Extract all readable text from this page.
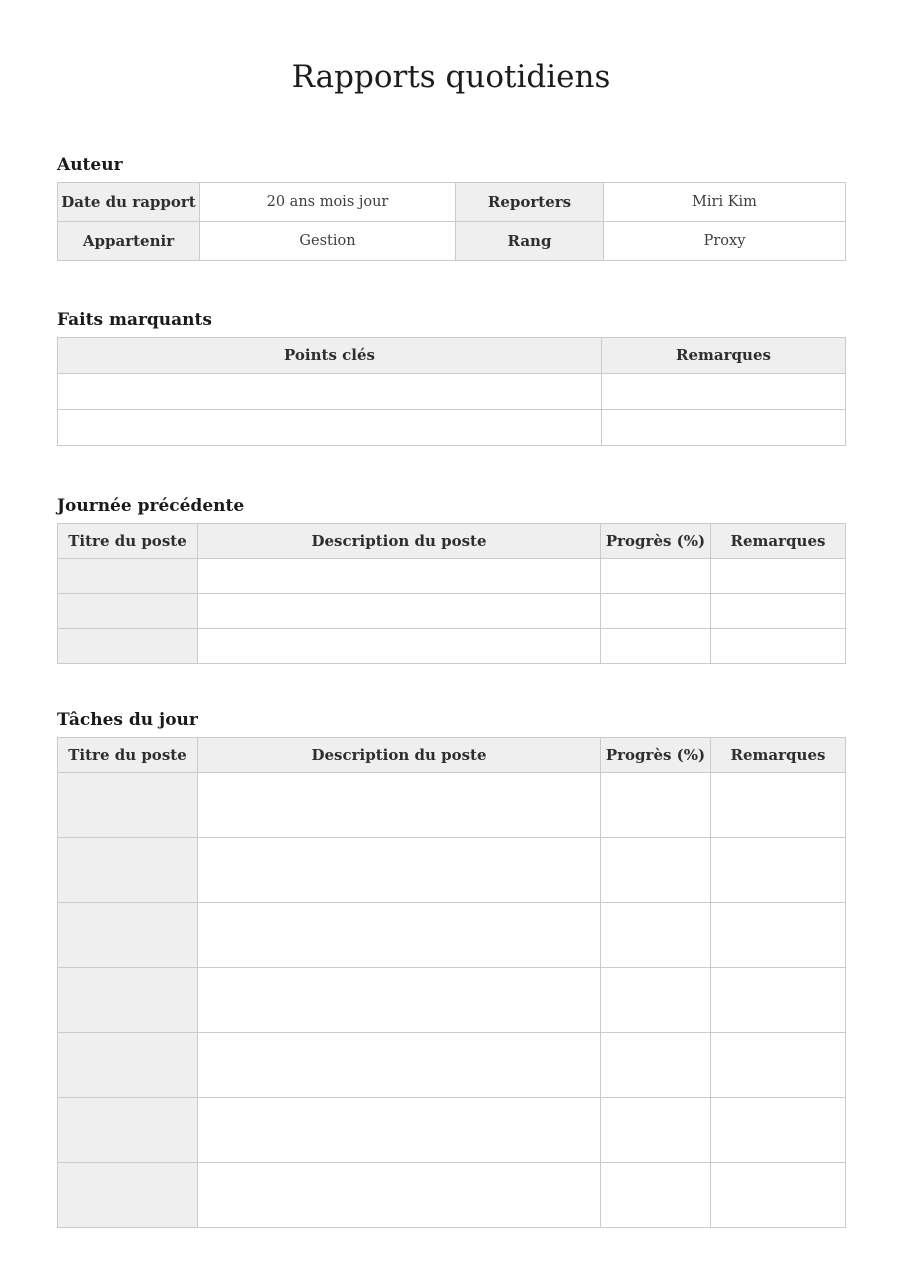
Rapports quotidiens
Auteur
Date du rapport	20 ans mois jour	Reporters	Miri Kim
Appartenir	Gestion	Rang	Proxy
Faits marquants
Points clés	Remarques

Journée précédente
Titre du poste	Description du poste	Progrès (%)	Remarques

Tâches du jour
Titre du poste	Description du poste	Progrès (%)	Remarques
